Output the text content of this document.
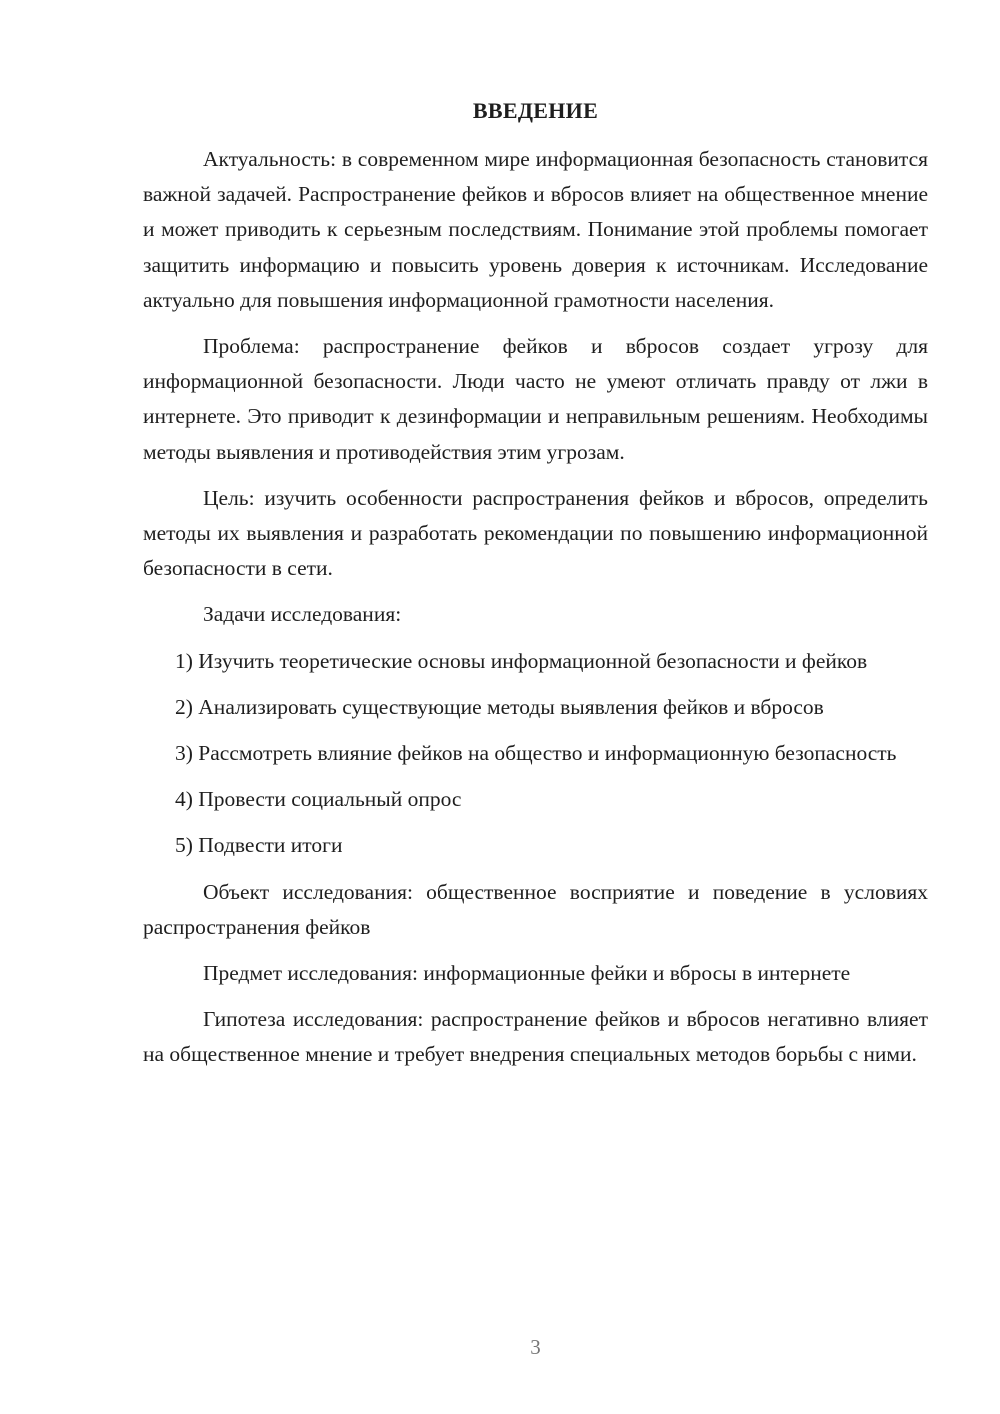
ВВЕДЕНИЕ

Актуальность: в современном мире информационная безопасность становится важной задачей. Распространение фейков и вбросов влияет на общественное мнение и может приводить к серьезным последствиям. Понимание этой проблемы помогает защитить информацию и повысить уровень доверия к источникам. Исследование актуально для повышения информационной грамотности населения.

Проблема: распространение фейков и вбросов создает угрозу для информационной безопасности. Люди часто не умеют отличать правду от лжи в интернете. Это приводит к дезинформации и неправильным решениям. Необходимы методы выявления и противодействия этим угрозам.

Цель: изучить особенности распространения фейков и вбросов, определить методы их выявления и разработать рекомендации по повышению информационной безопасности в сети.

Задачи исследования:

1) Изучить теоретические основы информационной безопасности и фейков

2) Анализировать существующие методы выявления фейков и вбросов

3) Рассмотреть влияние фейков на общество и информационную безопасность

4) Провести социальный опрос

5) Подвести итоги

Объект исследования: общественное восприятие и поведение в условиях распространения фейков

Предмет исследования: информационные фейки и вбросы в интернете

Гипотеза исследования: распространение фейков и вбросов негативно влияет на общественное мнение и требует внедрения специальных методов борьбы с ними.

3
